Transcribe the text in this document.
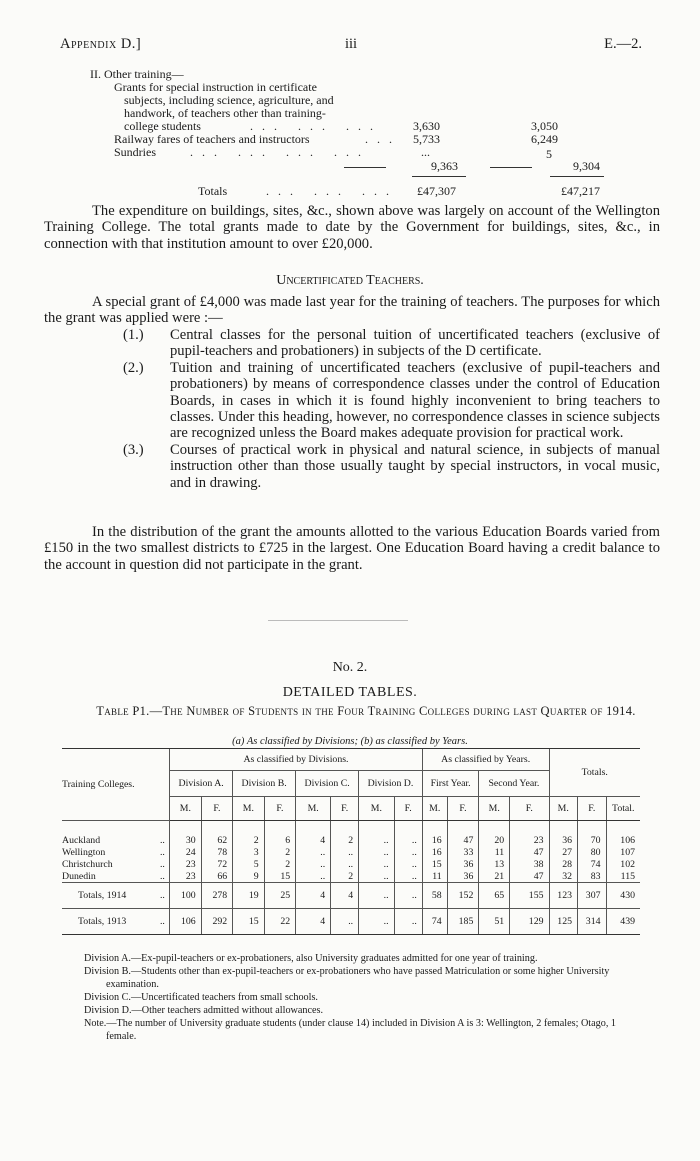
Appendix D.]	iii	E.—2.
II. Other training—
Grants for special instruction in certificate
subjects, including science, agriculture, and
handwork, of teachers other than training-
college students	... ... ...	3,630	3,050
Railway fares of teachers and instructors	...	5,733	6,249
Sundries	... ... ... ...	...	5
9,363	9,304
Totals	... ... ...	£47,307	£47,217

The expenditure on buildings, sites, &c., shown above was largely on account of the Wellington Training College. The total grants made to date by the Government for buildings, sites, &c., in connection with that institution amount to over £20,000.

Uncertificated Teachers.

A special grant of £4,000 was made last year for the training of teachers. The purposes for which the grant was applied were :—

(1.) Central classes for the personal tuition of uncertificated teachers (exclusive of pupil-teachers and probationers) in subjects of the D certificate.
(2.) Tuition and training of uncertificated teachers (exclusive of pupil-teachers and probationers) by means of correspondence classes under the control of Education Boards, in cases in which it is found highly inconvenient to bring teachers to classes. Under this heading, however, no correspondence classes in science subjects are recognized unless the Board makes adequate provision for practical work.
(3.) Courses of practical work in physical and natural science, in subjects of manual instruction other than those usually taught by special instructors, in vocal music, and in drawing.

In the distribution of the grant the amounts allotted to the various Education Boards varied from £150 in the two smallest districts to £725 in the largest. One Education Board having a credit balance to the account in question did not participate in the grant.

No. 2.
DETAILED TABLES.
Table P1.—The Number of Students in the Four Training Colleges during last Quarter of 1914.
(a) As classified by Divisions; (b) as classified by Years.
Training Colleges.		As classified by Divisions.								As classified by Years.				Totals.		
		Division A.		Division B.		Division C.		Division D.		First Year.		Second Year.				
		M.	F.	M.	F.	M.	F.	M.	F.	M.	F.	M.	F.	M.	F.	Total.

Auckland	..	30	62	2	6	4	2	..	..	16	47	20	23	36	70	106
Wellington	..	24	78	3	2	..	..	..	..	16	33	11	47	27	80	107
Christchurch	..	23	72	5	2	..	..	..	..	15	36	13	38	28	74	102
Dunedin	..	23	66	9	15	..	2	..	..	11	36	21	47	32	83	115
Totals, 1914	..	100	278	19	25	4	4	..	..	58	152	65	155	123	307	430
Totals, 1913	..	106	292	15	22	4	..	..	..	74	185	51	129	125	314	439
Division A.—Ex-pupil-teachers or ex-probationers, also University graduates admitted for one year of training.
Division B.—Students other than ex-pupil-teachers or ex-probationers who have passed Matriculation or some higher University examination.
Division C.—Uncertificated teachers from small schools.
Division D.—Other teachers admitted without allowances.
Note.—The number of University graduate students (under clause 14) included in Division A is 3: Wellington, 2 females; Otago, 1 female.
